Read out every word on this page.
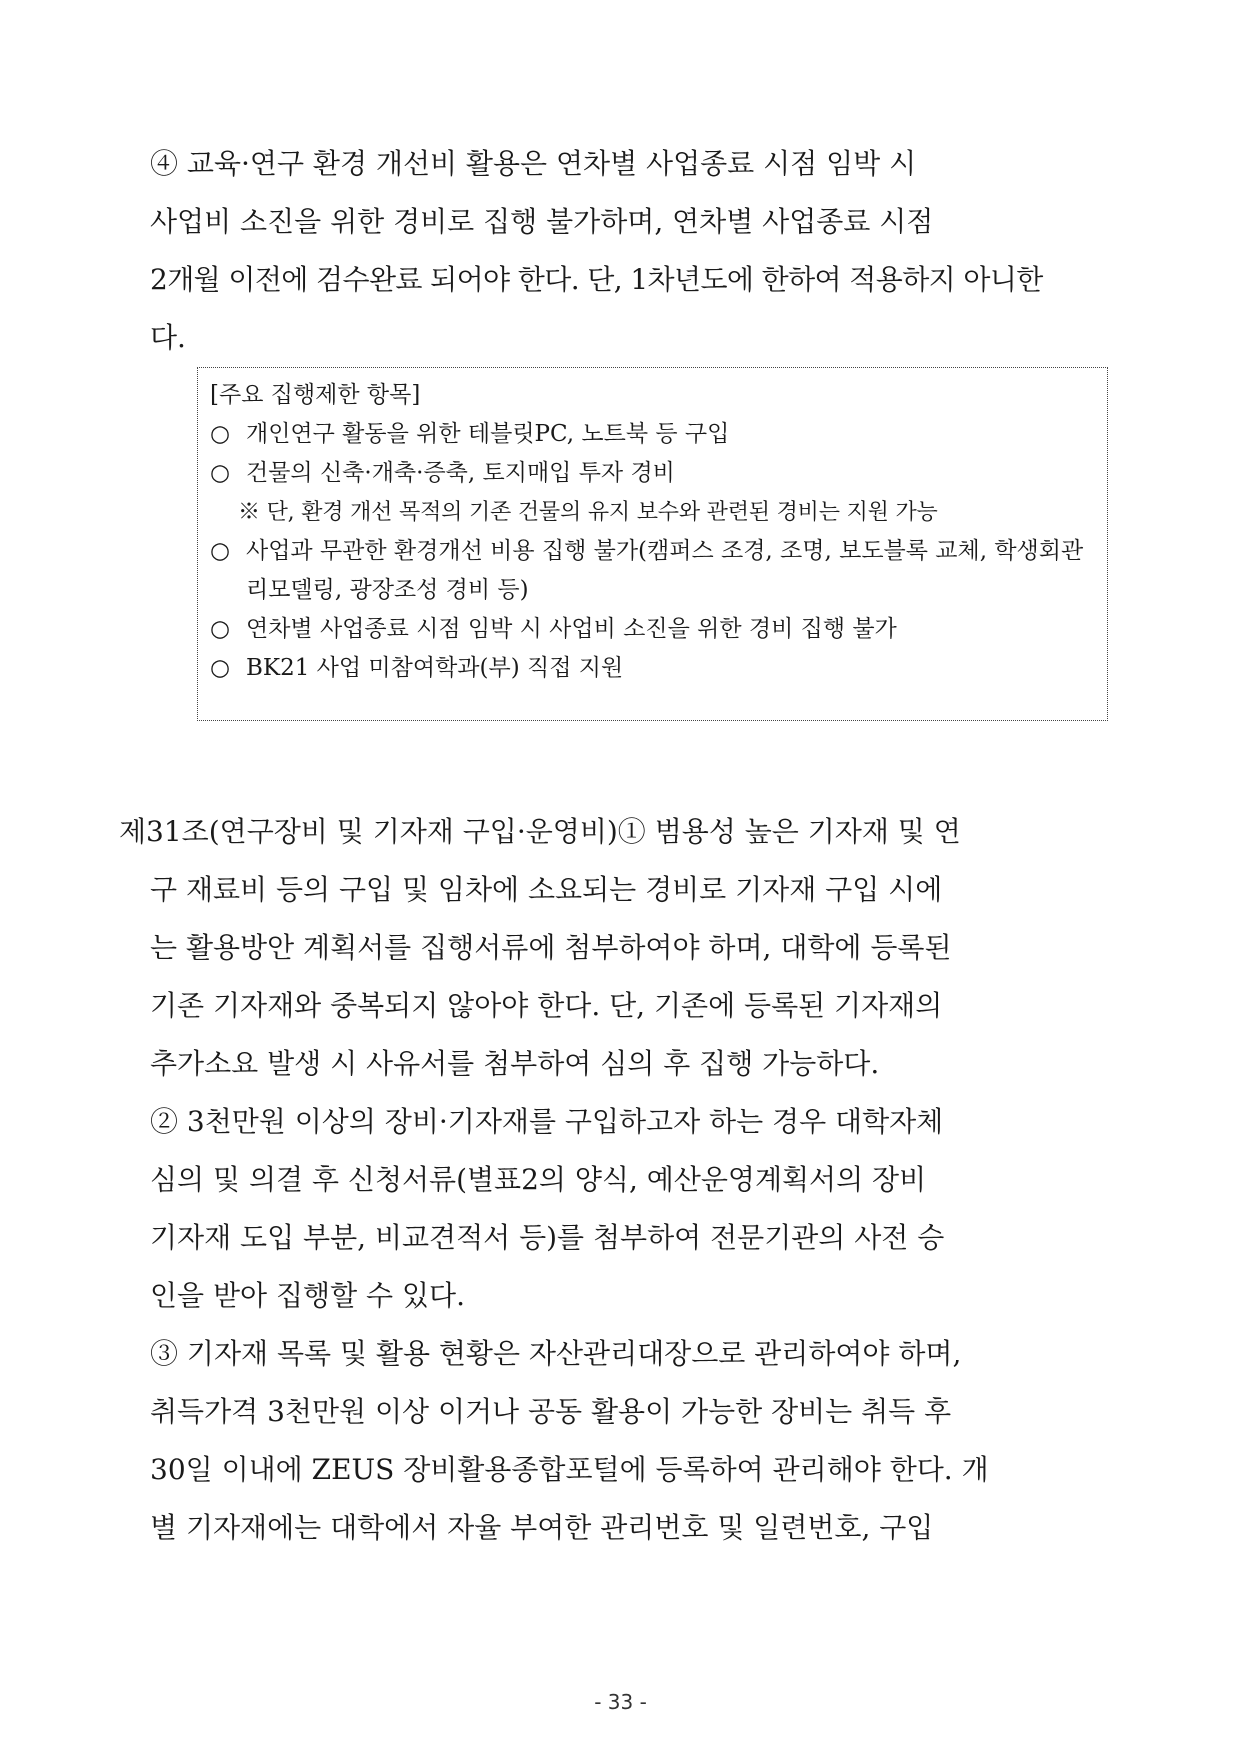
④ 교육·연구 환경 개선비 활용은 연차별 사업종료 시점 임박 시
사업비 소진을 위한 경비로 집행 불가하며, 연차별 사업종료 시점
2개월 이전에 검수완료 되어야 한다. 단, 1차년도에 한하여 적용하지 아니한
다.
[주요 집행제한 항목]
○ 개인연구 활동을 위한 테블릿PC, 노트북 등 구입
○ 건물의 신축·개축·증축, 토지매입 투자 경비
※ 단, 환경 개선 목적의 기존 건물의 유지 보수와 관련된 경비는 지원 가능
○ 사업과 무관한 환경개선 비용 집행 불가(캠퍼스 조경, 조명, 보도블록 교체, 학생회관 리모델링, 광장조성 경비 등)
○ 연차별 사업종료 시점 임박 시 사업비 소진을 위한 경비 집행 불가
○ BK21 사업 미참여학과(부) 직접 지원
제31조(연구장비 및 기자재 구입·운영비)① 범용성 높은 기자재 및 연
구 재료비 등의 구입 및 임차에 소요되는 경비로 기자재 구입 시에
는 활용방안 계획서를 집행서류에 첨부하여야 하며, 대학에 등록된
기존 기자재와 중복되지 않아야 한다. 단, 기존에 등록된 기자재의
추가소요 발생 시 사유서를 첨부하여 심의 후 집행 가능하다.
② 3천만원 이상의 장비·기자재를 구입하고자 하는 경우 대학자체
심의 및 의결 후 신청서류(별표2의 양식, 예산운영계획서의 장비
기자재 도입 부분, 비교견적서 등)를 첨부하여 전문기관의 사전 승
인을 받아 집행할 수 있다.
③ 기자재 목록 및 활용 현황은 자산관리대장으로 관리하여야 하며,
취득가격 3천만원 이상 이거나 공동 활용이 가능한 장비는 취득 후
30일 이내에 ZEUS 장비활용종합포털에 등록하여 관리해야 한다. 개
별 기자재에는 대학에서 자율 부여한 관리번호 및 일련번호, 구입
- 33 -
